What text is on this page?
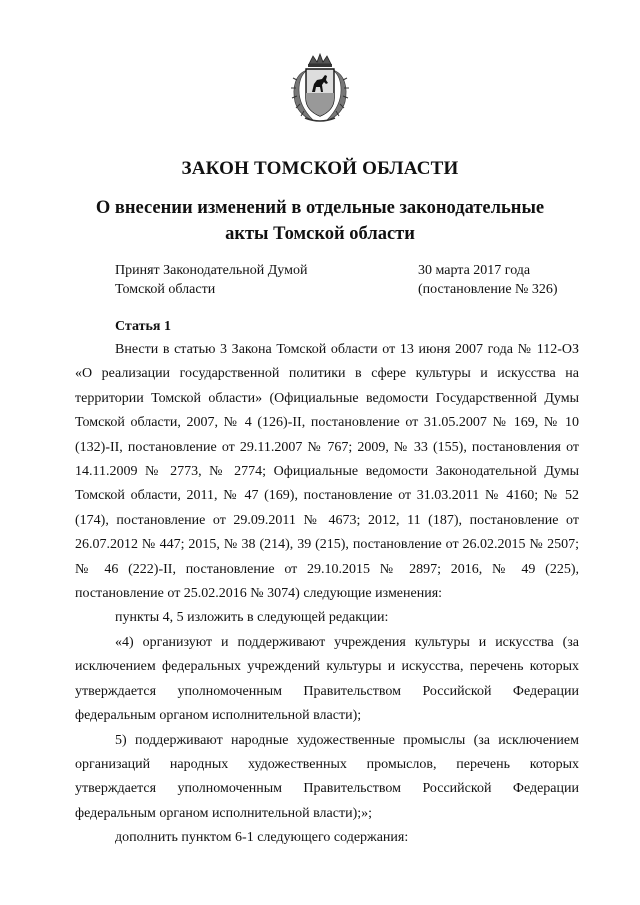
ЗАКОН ТОМСКОЙ ОБЛАСТИ
О внесении изменений в отдельные законодательные
акты Томской области
Принят Законодательной Думой
Томской области
30 марта 2017 года
(постановление № 326)
Статья 1

Внести в статью 3 Закона Томской области от 13 июня 2007 года № 112-ОЗ «О реализации государственной политики в сфере культуры и искусства на территории Томской области» (Официальные ведомости Государственной Думы Томской области, 2007, № 4 (126)-II, постановление от 31.05.2007 № 169, № 10 (132)-II, постановление от 29.11.2007 № 767; 2009, № 33 (155), постановления от 14.11.2009 № 2773, № 2774; Официальные ведомости Законодательной Думы Томской области, 2011, № 47 (169), постановление от 31.03.2011 № 4160; № 52 (174), постановление от 29.09.2011 № 4673; 2012, 11 (187), постановление от 26.07.2012 № 447; 2015, № 38 (214), 39 (215), постановление от 26.02.2015 № 2507; № 46 (222)-II, постановление от 29.10.2015 № 2897; 2016, № 49 (225), постановление от 25.02.2016 № 3074) следующие изменения:

пункты 4, 5 изложить в следующей редакции:

«4) организуют и поддерживают учреждения культуры и искусства (за исключением федеральных учреждений культуры и искусства, перечень которых утверждается уполномоченным Правительством Российской Федерации федеральным органом исполнительной власти);

5) поддерживают народные художественные промыслы (за исключением организаций народных художественных промыслов, перечень которых утверждается уполномоченным Правительством Российской Федерации федеральным органом исполнительной власти);»;

дополнить пунктом 6-1 следующего содержания:
